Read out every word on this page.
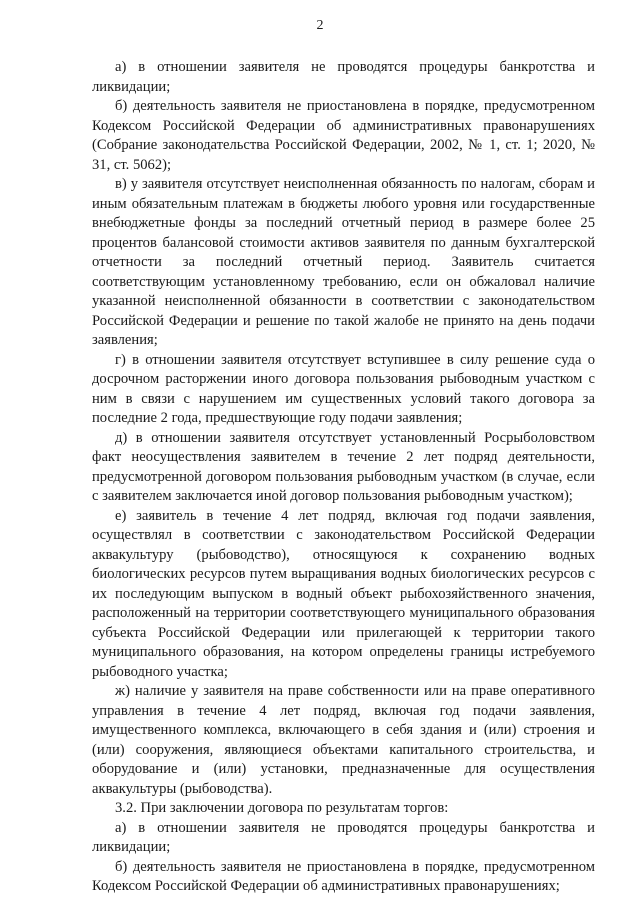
2

а) в отношении заявителя не проводятся процедуры банкротства и ликвидации;

б) деятельность заявителя не приостановлена в порядке, предусмотренном Кодексом Российской Федерации об административных правонарушениях (Собрание законодательства Российской Федерации, 2002, № 1, ст. 1; 2020, № 31, ст. 5062);

в) у заявителя отсутствует неисполненная обязанность по налогам, сборам и иным обязательным платежам в бюджеты любого уровня или государственные внебюджетные фонды за последний отчетный период в размере более 25 процентов балансовой стоимости активов заявителя по данным бухгалтерской отчетности за последний отчетный период. Заявитель считается соответствующим установленному требованию, если он обжаловал наличие указанной неисполненной обязанности в соответствии с законодательством Российской Федерации и решение по такой жалобе не принято на день подачи заявления;

г) в отношении заявителя отсутствует вступившее в силу решение суда о досрочном расторжении иного договора пользования рыбоводным участком с ним в связи с нарушением им существенных условий такого договора за последние 2 года, предшествующие году подачи заявления;

д) в отношении заявителя отсутствует установленный Росрыболовством факт неосуществления заявителем в течение 2 лет подряд деятельности, предусмотренной договором пользования рыбоводным участком (в случае, если с заявителем заключается иной договор пользования рыбоводным участком);

е) заявитель в течение 4 лет подряд, включая год подачи заявления, осуществлял в соответствии с законодательством Российской Федерации аквакультуру (рыбоводство), относящуюся к сохранению водных биологических ресурсов путем выращивания водных биологических ресурсов с их последующим выпуском в водный объект рыбохозяйственного значения, расположенный на территории соответствующего муниципального образования субъекта Российской Федерации или прилегающей к территории такого муниципального образования, на котором определены границы истребуемого рыбоводного участка;

ж) наличие у заявителя на праве собственности или на праве оперативного управления в течение 4 лет подряд, включая год подачи заявления, имущественного комплекса, включающего в себя здания и (или) строения и (или) сооружения, являющиеся объектами капитального строительства, и оборудование и (или) установки, предназначенные для осуществления аквакультуры (рыбоводства).

3.2. При заключении договора по результатам торгов:

а) в отношении заявителя не проводятся процедуры банкротства и ликвидации;

б) деятельность заявителя не приостановлена в порядке, предусмотренном Кодексом Российской Федерации об административных правонарушениях;
